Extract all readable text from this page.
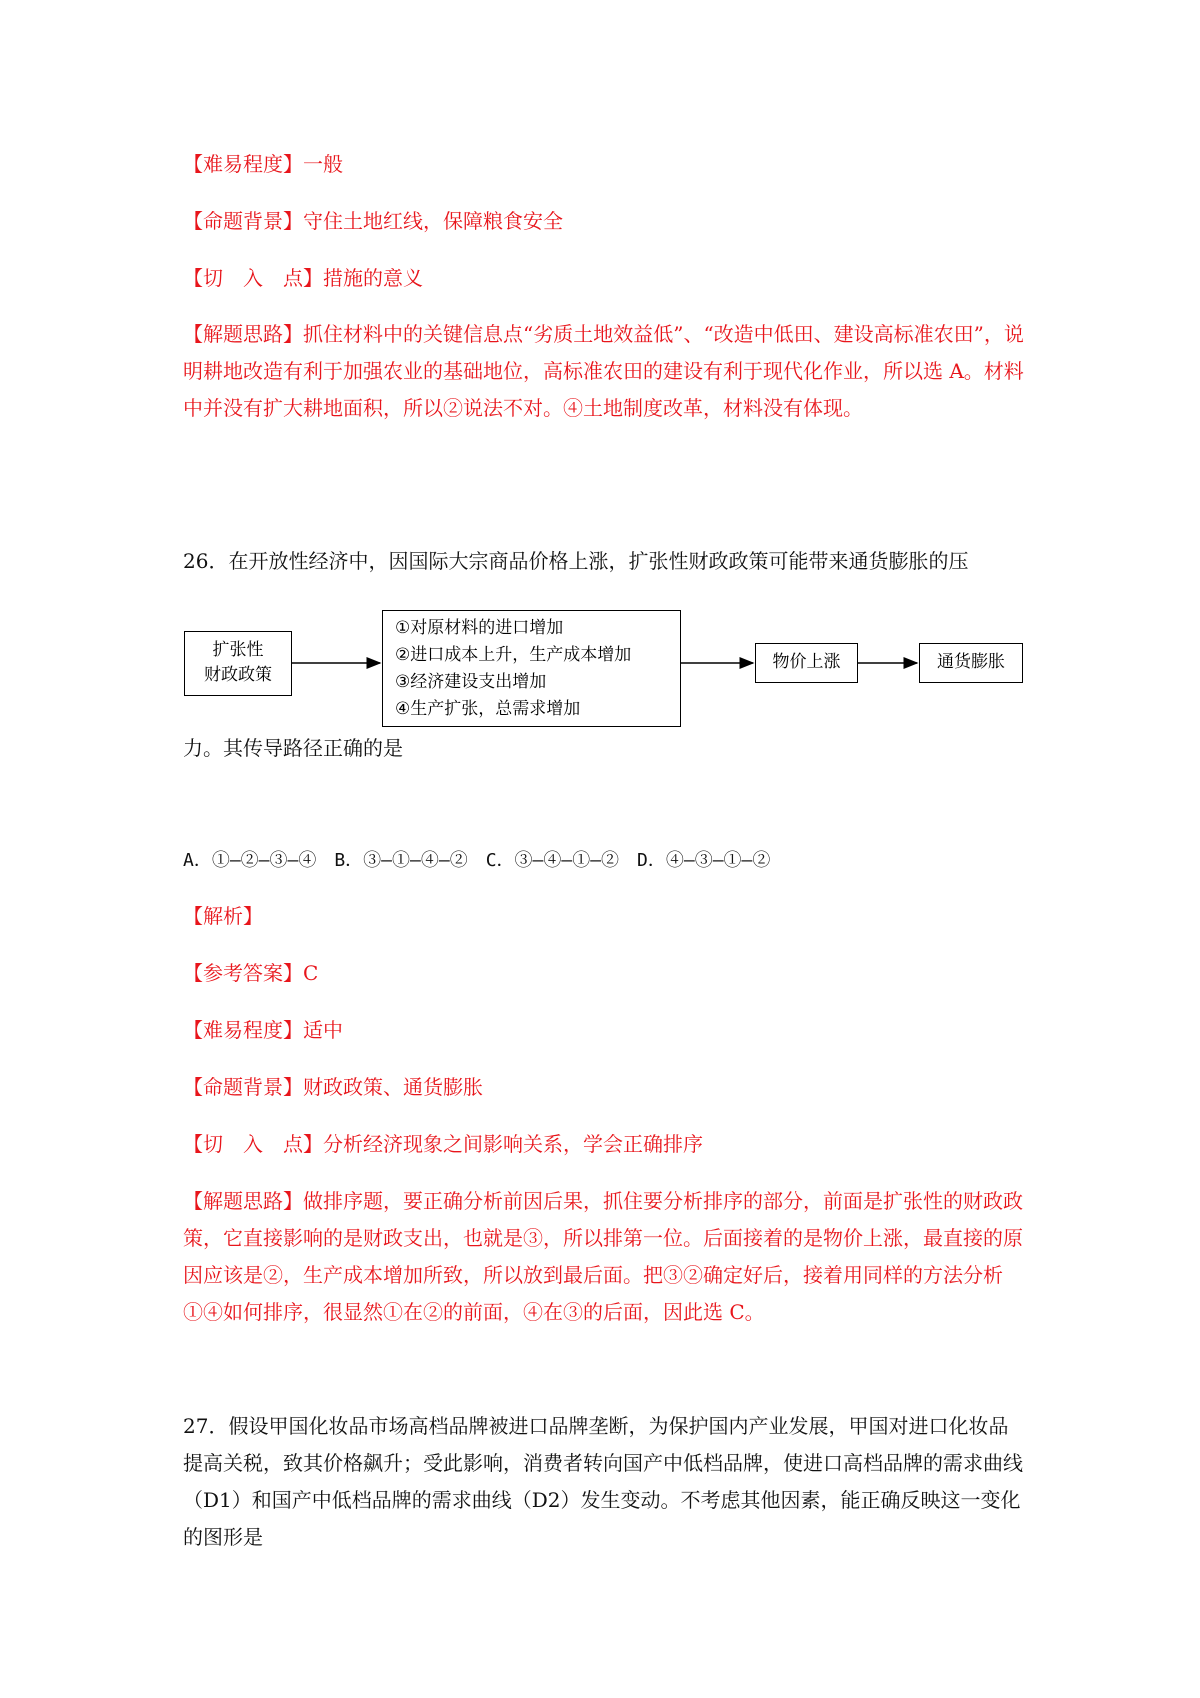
【难易程度】一般

【命题背景】守住土地红线，保障粮食安全

【切　入　点】措施的意义

【解题思路】抓住材料中的关键信息点“劣质土地效益低”、“改造中低田、建设高标准农田”，说明耕地改造有利于加强农业的基础地位，高标准农田的建设有利于现代化作业，所以选 A。材料中并没有扩大耕地面积，所以②说法不对。④土地制度改革，材料没有体现。

26．在开放性经济中，因国际大宗商品价格上涨，扩张性财政政策可能带来通货膨胀的压

扩张性
财政政策
①对原材料的进口增加
②进口成本上升，生产成本增加
③经济建设支出增加
④生产扩张，总需求增加
物价上涨	通货膨胀

力。其传导路径正确的是

A．①—②—③—④　B．③—①—④—②　C．③—④—①—②　D．④—③—①—②

【解析】

【参考答案】C

【难易程度】适中

【命题背景】财政政策、通货膨胀

【切　入　点】分析经济现象之间影响关系，学会正确排序

【解题思路】做排序题，要正确分析前因后果，抓住要分析排序的部分，前面是扩张性的财政政策，它直接影响的是财政支出，也就是③，所以排第一位。后面接着的是物价上涨，最直接的原因应该是②，生产成本增加所致，所以放到最后面。把③②确定好后，接着用同样的方法分析①④如何排序，很显然①在②的前面，④在③的后面，因此选 C。

27．假设甲国化妆品市场高档品牌被进口品牌垄断，为保护国内产业发展，甲国对进口化妆品提高关税，致其价格飙升；受此影响，消费者转向国产中低档品牌，使进口高档品牌的需求曲线（D1）和国产中低档品牌的需求曲线（D2）发生变动。不考虑其他因素，能正确反映这一变化的图形是
